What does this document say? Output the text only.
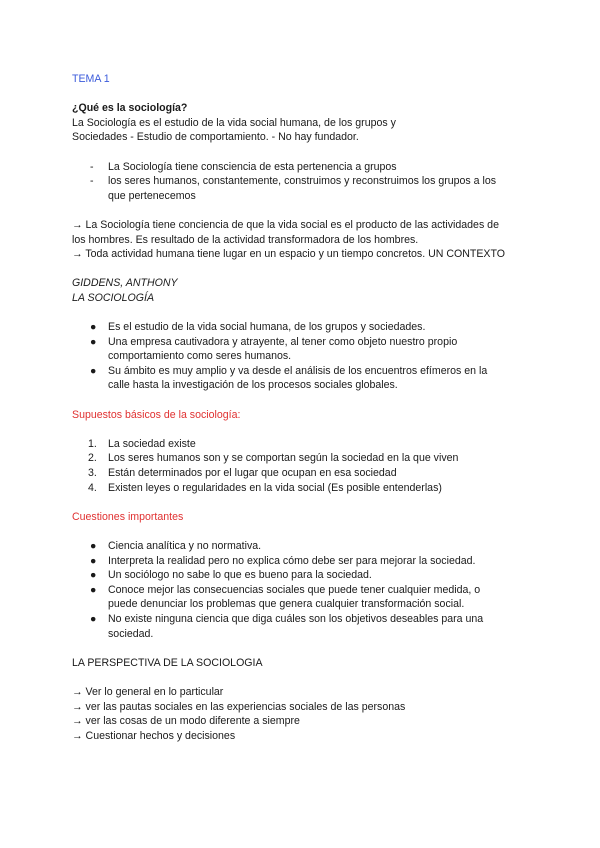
TEMA 1

¿Qué es la sociología?

La Sociología es el estudio de la vida social humana, de los grupos y

Sociedades - Estudio de comportamiento. - No hay fundador.

- La Sociología tiene consciencia de esta pertenencia a grupos
- los seres humanos, constantemente, construimos y reconstruimos los grupos a los
que pertenecemos

→ La Sociología tiene conciencia de que la vida social es el producto de las actividades de

los hombres. Es resultado de la actividad transformadora de los hombres.

→ Toda actividad humana tiene lugar en un espacio y un tiempo concretos. UN CONTEXTO

GIDDENS, ANTHONY

LA SOCIOLOGÍA

● Es el estudio de la vida social humana, de los grupos y sociedades.
● Una empresa cautivadora y atrayente, al tener como objeto nuestro propio
comportamiento como seres humanos.
● Su ámbito es muy amplio y va desde el análisis de los encuentros efímeros en la
calle hasta la investigación de los procesos sociales globales.

Supuestos básicos de la sociología:

1. La sociedad existe
2. Los seres humanos son y se comportan según la sociedad en la que viven
3. Están determinados por el lugar que ocupan en esa sociedad
4. Existen leyes o regularidades en la vida social (Es posible entenderlas)

Cuestiones importantes

● Ciencia analítica y no normativa.
● Interpreta la realidad pero no explica cómo debe ser para mejorar la sociedad.
● Un sociólogo no sabe lo que es bueno para la sociedad.
● Conoce mejor las consecuencias sociales que puede tener cualquier medida, o
puede denunciar los problemas que genera cualquier transformación social.
● No existe ninguna ciencia que diga cuáles son los objetivos deseables para una
sociedad.

LA PERSPECTIVA DE LA SOCIOLOGIA

→ Ver lo general en lo particular

→ ver las pautas sociales en las experiencias sociales de las personas

→ ver las cosas de un modo diferente a siempre

→ Cuestionar hechos y decisiones
